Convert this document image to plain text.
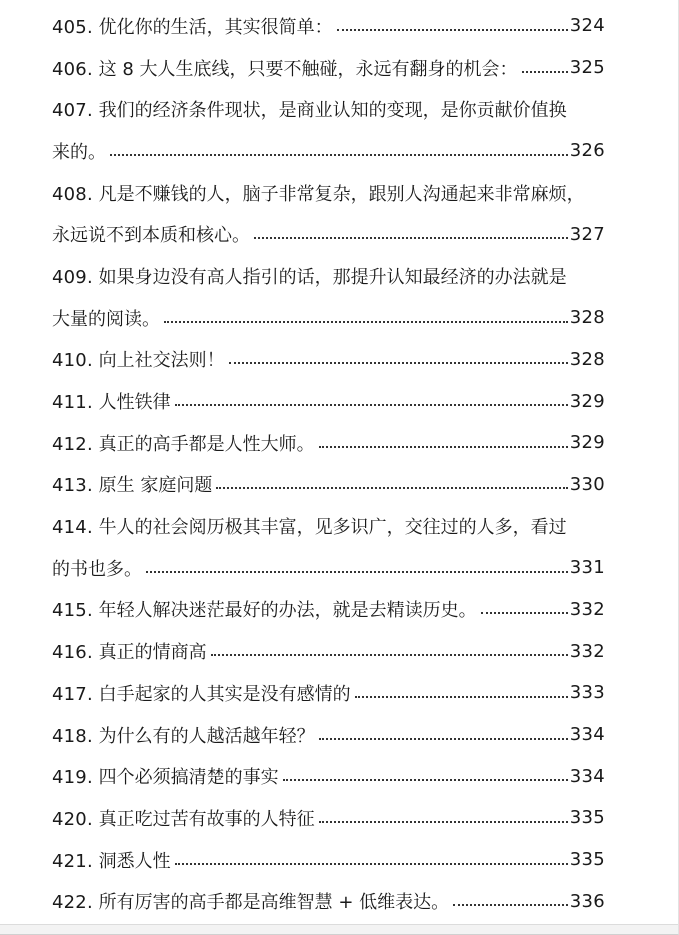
405. 优化你的生活，其实很简单：	324
406. 这 8 大人生底线，只要不触碰，永远有翻身的机会：	325
407. 我们的经济条件现状，是商业认知的变现，是你贡献价值换
来的。	326
408. 凡是不赚钱的人，脑子非常复杂，跟别人沟通起来非常麻烦，
永远说不到本质和核心。	327
409. 如果身边没有高人指引的话，那提升认知最经济的办法就是
大量的阅读。	328
410. 向上社交法则！	328
411. 人性铁律	329
412. 真正的高手都是人性大师。	329
413. 原生 家庭问题	330
414. 牛人的社会阅历极其丰富，见多识广，交往过的人多，看过
的书也多。	331
415. 年轻人解决迷茫最好的办法，就是去精读历史。	332
416. 真正的情商高	332
417. 白手起家的人其实是没有感情的	333
418. 为什么有的人越活越年轻？	334
419. 四个必须搞清楚的事实	334
420. 真正吃过苦有故事的人特征	335
421. 洞悉人性	335
422. 所有厉害的高手都是高维智慧 + 低维表达。	336
